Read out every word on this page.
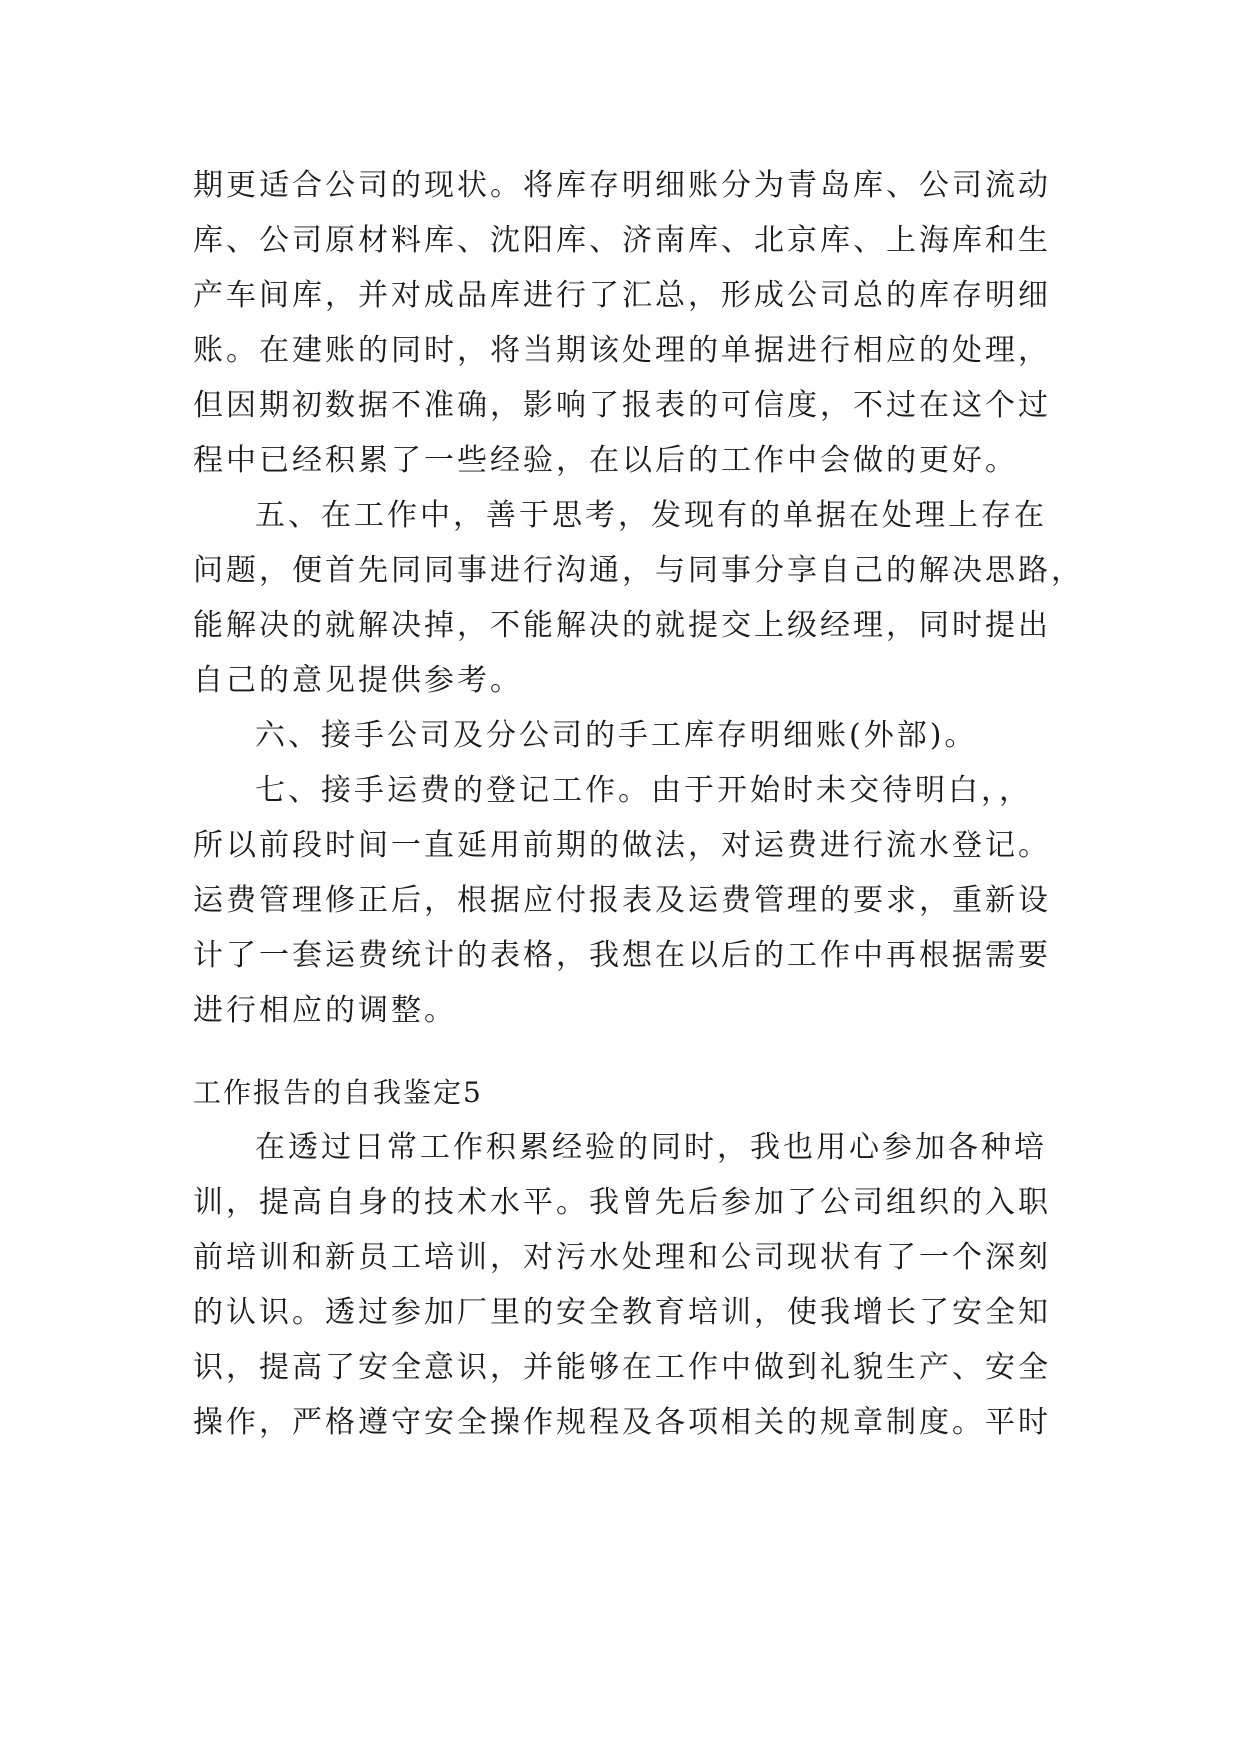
期更适合公司的现状。将库存明细账分为青岛库、公司流动
库、公司原材料库、沈阳库、济南库、北京库、上海库和生
产车间库，并对成品库进行了汇总，形成公司总的库存明细
账。在建账的同时，将当期该处理的单据进行相应的处理，
但因期初数据不准确，影响了报表的可信度，不过在这个过
程中已经积累了一些经验，在以后的工作中会做的更好。
五、在工作中，善于思考，发现有的单据在处理上存在
问题，便首先同同事进行沟通，与同事分享自己的解决思路，
能解决的就解决掉，不能解决的就提交上级经理，同时提出
自己的意见提供参考。
六、接手公司及分公司的手工库存明细账(外部)。
七、接手运费的登记工作。由于开始时未交待明白，，
所以前段时间一直延用前期的做法，对运费进行流水登记。
运费管理修正后，根据应付报表及运费管理的要求，重新设
计了一套运费统计的表格，我想在以后的工作中再根据需要
进行相应的调整。
工作报告的自我鉴定5
在透过日常工作积累经验的同时，我也用心参加各种培
训，提高自身的技术水平。我曾先后参加了公司组织的入职
前培训和新员工培训，对污水处理和公司现状有了一个深刻
的认识。透过参加厂里的安全教育培训，使我增长了安全知
识，提高了安全意识，并能够在工作中做到礼貌生产、安全
操作，严格遵守安全操作规程及各项相关的规章制度。平时
